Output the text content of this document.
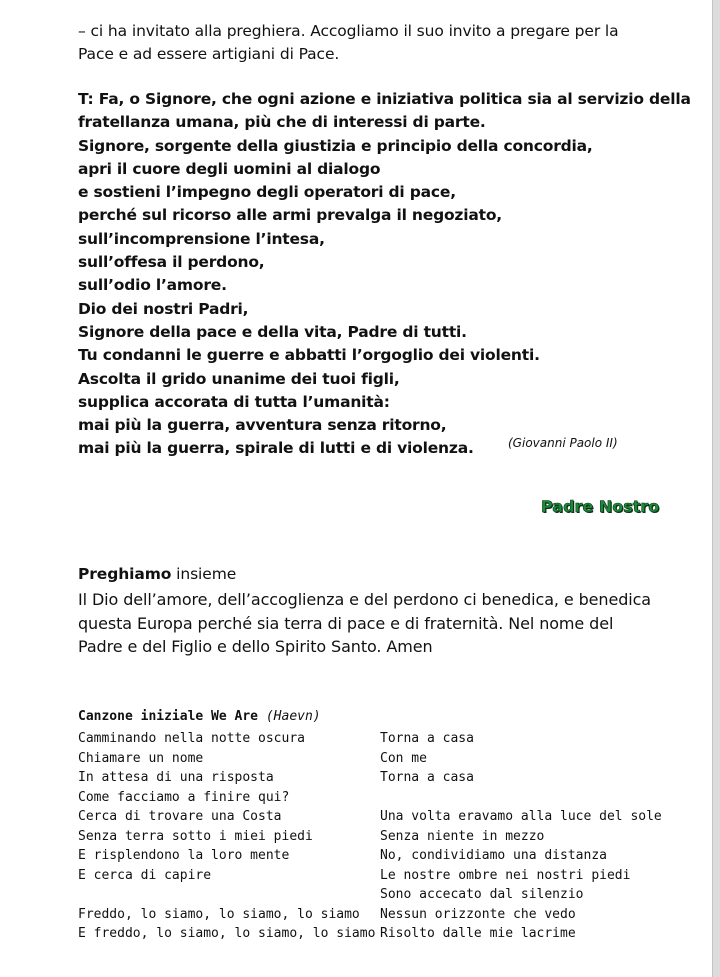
– ci ha invitato alla preghiera. Accogliamo il suo invito a pregare per la
Pace e ad essere artigiani di Pace.
T: Fa, o Signore, che ogni azione e iniziativa politica sia al servizio della
fratellanza umana, più che di interessi di parte.
Signore, sorgente della giustizia e principio della concordia,
apri il cuore degli uomini al dialogo
e sostieni l’impegno degli operatori di pace,
perché sul ricorso alle armi prevalga il negoziato,
sull’incomprensione l’intesa,
sull’offesa il perdono,
sull’odio l’amore.
Dio dei nostri Padri,
Signore della pace e della vita, Padre di tutti.
Tu condanni le guerre e abbatti l’orgoglio dei violenti.
Ascolta il grido unanime dei tuoi figli,
supplica accorata di tutta l’umanità:
mai più la guerra, avventura senza ritorno,
mai più la guerra, spirale di lutti e di violenza.	(Giovanni Paolo II)
Padre Nostro
Preghiamo insieme
Il Dio dell’amore, dell’accoglienza e del perdono ci benedica, e benedica
questa Europa perché sia terra di pace e di fraternità. Nel nome del
Padre e del Figlio e dello Spirito Santo. Amen
Canzone iniziale We Are (Haevn)
Camminando nella notte oscura
Chiamare un nome
In attesa di una risposta
Come facciamo a finire qui?
Cerca di trovare una Costa
Senza terra sotto i miei piedi
E risplendono la loro mente
E cerca di capire
Freddo, lo siamo, lo siamo, lo siamo
E freddo, lo siamo, lo siamo, lo siamo
Torna a casa
Con me
Torna a casa
Una volta eravamo alla luce del sole
Senza niente in mezzo
No, condividiamo una distanza
Le nostre ombre nei nostri piedi
Sono accecato dal silenzio
Nessun orizzonte che vedo
Risolto dalle mie lacrime
